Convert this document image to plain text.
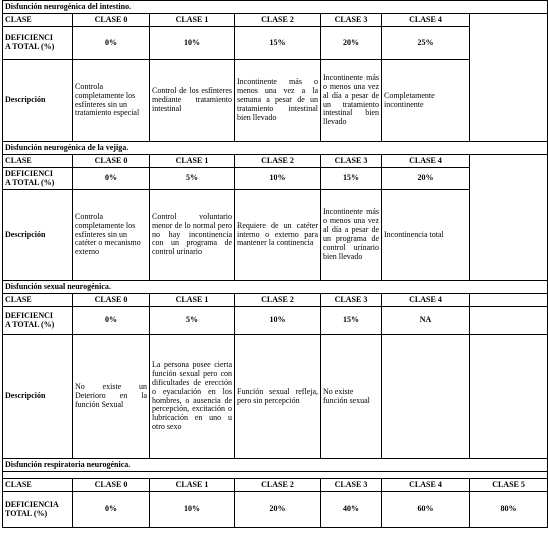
Disfunción neurogénica del intestino.						
CLASE	CLASE 0	CLASE 1	CLASE 2	CLASE 3	CLASE 4	
DEFICIENCI
A TOTAL (%)	0%	10%	15%	20%	25%	
Descripción	Controla completamente los esfínteres sin un tratamiento especial	Control de los esfínteres mediante tratamiento intestinal	Incontinente más o menos una vez a la semana a pesar de un tratamiento intestinal bien llevado	Incontinente más o menos una vez al día a pesar de un tratamiento intestinal bien llevado	Completamente incontinente	
Disfunción neurogénica de la vejiga.						
CLASE	CLASE 0	CLASE 1	CLASE 2	CLASE 3	CLASE 4	
DEFICIENCI
A TOTAL (%)	0%	5%	10%	15%	20%	
Descripción	Controla completamente los esfínteres sin un catéter o mecanismo externo	Control voluntario menor de lo normal pero no hay incontinencia con un programa de control urinario	Requiere de un catéter interno o externo para mantener la continencia	Incontinente más o menos una vez al día a pesar de un programa de control urinario bien llevado	Incontinencia total	
Disfunción sexual neurogénica.						
CLASE	CLASE 0	CLASE 1	CLASE 2	CLASE 3	CLASE 4	
DEFICIENCI
A TOTAL (%)	0%	5%	10%	15%	NA	
Descripción	No existe un Deterioro en la función Sexual	La persona posee cierta función sexual pero con dificultades de erección o eyaculación en los hombres, o ausencia de percepción, excitación o lubricación en uno u otro sexo	Función sexual refleja, pero sin percepción	No existe función sexual		
Disfunción respiratoria neurogénica.						

CLASE	CLASE 0	CLASE 1	CLASE 2	CLASE 3	CLASE 4	CLASE 5
DEFICIENCIA
TOTAL (%)	0%	10%	20%	40%	60%	80%
